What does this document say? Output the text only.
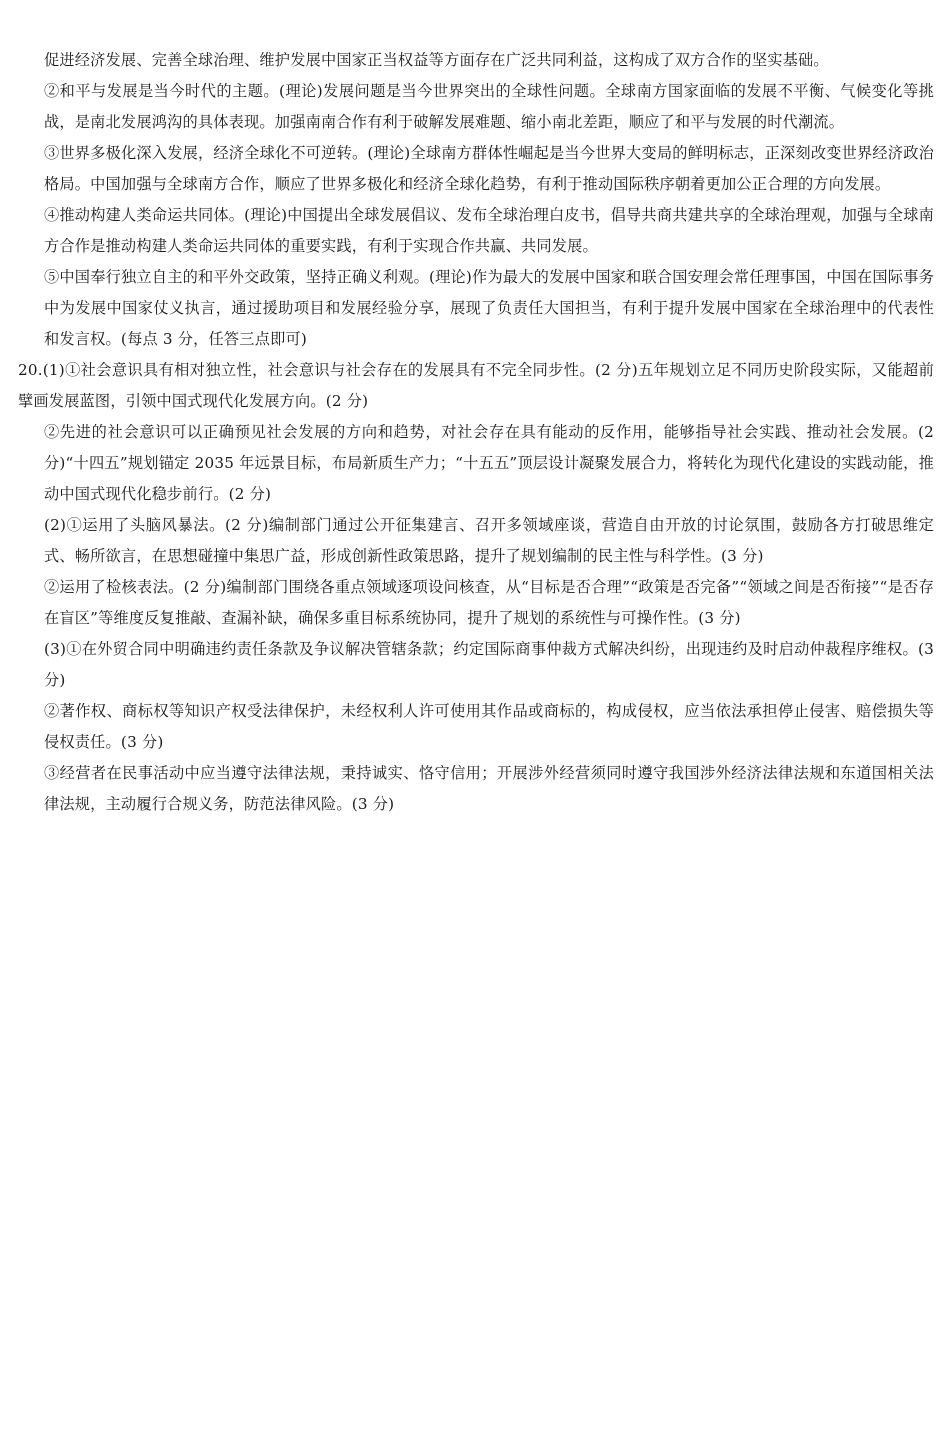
促进经济发展、完善全球治理、维护发展中国家正当权益等方面存在广泛共同利益，这构成了双方合作的坚实基础。

②和平与发展是当今时代的主题。(理论)发展问题是当今世界突出的全球性问题。全球南方国家面临的发展不平衡、气候变化等挑战，是南北发展鸿沟的具体表现。加强南南合作有利于破解发展难题、缩小南北差距，顺应了和平与发展的时代潮流。

③世界多极化深入发展，经济全球化不可逆转。(理论)全球南方群体性崛起是当今世界大变局的鲜明标志，正深刻改变世界经济政治格局。中国加强与全球南方合作，顺应了世界多极化和经济全球化趋势，有利于推动国际秩序朝着更加公正合理的方向发展。

④推动构建人类命运共同体。(理论)中国提出全球发展倡议、发布全球治理白皮书，倡导共商共建共享的全球治理观，加强与全球南方合作是推动构建人类命运共同体的重要实践，有利于实现合作共赢、共同发展。

⑤中国奉行独立自主的和平外交政策，坚持正确义利观。(理论)作为最大的发展中国家和联合国安理会常任理事国，中国在国际事务中为发展中国家仗义执言，通过援助项目和发展经验分享，展现了负责任大国担当，有利于提升发展中国家在全球治理中的代表性和发言权。(每点 3 分，任答三点即可)

20.(1)①社会意识具有相对独立性，社会意识与社会存在的发展具有不完全同步性。(2 分)五年规划立足不同历史阶段实际，又能超前擘画发展蓝图，引领中国式现代化发展方向。(2 分)

②先进的社会意识可以正确预见社会发展的方向和趋势，对社会存在具有能动的反作用，能够指导社会实践、推动社会发展。(2 分)“十四五”规划锚定 2035 年远景目标，布局新质生产力；“十五五”顶层设计凝聚发展合力，将转化为现代化建设的实践动能，推动中国式现代化稳步前行。(2 分)

(2)①运用了头脑风暴法。(2 分)编制部门通过公开征集建言、召开多领域座谈，营造自由开放的讨论氛围，鼓励各方打破思维定式、畅所欲言，在思想碰撞中集思广益，形成创新性政策思路，提升了规划编制的民主性与科学性。(3 分)

②运用了检核表法。(2 分)编制部门围绕各重点领域逐项设问核查，从“目标是否合理”“政策是否完备”“领域之间是否衔接”“是否存在盲区”等维度反复推敲、查漏补缺，确保多重目标系统协同，提升了规划的系统性与可操作性。(3 分)

(3)①在外贸合同中明确违约责任条款及争议解决管辖条款；约定国际商事仲裁方式解决纠纷，出现违约及时启动仲裁程序维权。(3 分)

②著作权、商标权等知识产权受法律保护，未经权利人许可使用其作品或商标的，构成侵权，应当依法承担停止侵害、赔偿损失等侵权责任。(3 分)

③经营者在民事活动中应当遵守法律法规，秉持诚实、恪守信用；开展涉外经营须同时遵守我国涉外经济法律法规和东道国相关法律法规，主动履行合规义务，防范法律风险。(3 分)
